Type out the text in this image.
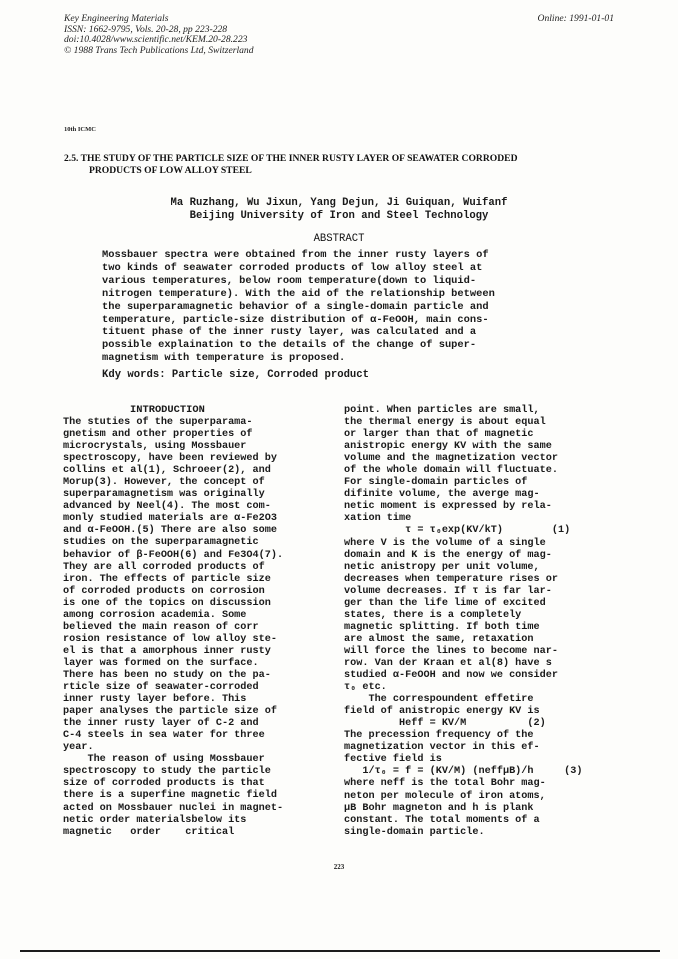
Key Engineering Materials
ISSN: 1662-9795, Vols. 20-28, pp 223-228
doi:10.4028/www.scientific.net/KEM.20-28.223
© 1988 Trans Tech Publications Ltd, Switzerland
Online: 1991-01-01
10th ICMC
2.5. THE STUDY OF THE PARTICLE SIZE OF THE INNER RUSTY LAYER OF SEAWATER CORRODED
PRODUCTS OF LOW ALLOY STEEL
Ma Ruzhang, Wu Jixun, Yang Dejun, Ji Guiquan, Wuifanf
Beijing University of Iron and Steel Technology
ABSTRACT
Mossbauer spectra were obtained from the inner rusty layers of
two kinds of seawater corroded products of low alloy steel at
various temperatures, below room temperature(down to liquid-
nitrogen temperature). With the aid of the relationship between
the superparamagnetic behavior of a single-domain particle and
temperature, particle-size distribution of α-FeOOH, main cons-
tituent phase of the inner rusty layer, was calculated and a
possible explaination to the details of the change of super-
magnetism with temperature is proposed.
Kdy words: Particle size, Corroded product
INTRODUCTION
The stuties of the superparama-
gnetism and other properties of
microcrystals, using Mossbauer
spectroscopy, have been reviewed by
collins et al(1), Schroeer(2), and
Morup(3). However, the concept of
superparamagnetism was originally
advanced by Neel(4). The most com-
monly studied materials are α-Fe2O3
and α-FeOOH.(5) There are also some
studies on the superparamagnetic
behavior of β-FeOOH(6) and Fe3O4(7).
They are all corroded products of
iron. The effects of particle size
of corroded products on corrosion
is one of the topics on discussion
among corrosion academia. Some
believed the main reason of corr
rosion resistance of low alloy ste-
el is that a amorphous inner rusty
layer was formed on the surface.
There has been no study on the pa-
rticle size of seawater-corroded
inner rusty layer before. This
paper analyses the particle size of
the inner rusty layer of C-2 and
C-4 steels in sea water for three
year.
The reason of using Mossbauer
spectroscopy to study the particle
size of corroded products is that
there is a superfine magnetic field
acted on Mossbauer nuclei in magnet-
netic order materialsbelow its
magnetic   order    critical
point. When particles are small,
the thermal energy is about equal
or larger than that of magnetic
anistropic energy KV with the same
volume and the magnetization vector
of the whole domain will fluctuate.
For single-domain particles of
difinite volume, the averge mag-
netic moment is expressed by rela-
xation time
τ = τ₀exp(KV/kT)        (1)
where V is the volume of a single
domain and K is the energy of mag-
netic anistropy per unit volume,
decreases when temperature rises or
volume decreases. If τ is far lar-
ger than the life lime of excited
states, there is a completely
magnetic splitting. If both time
are almost the same, retaxation
will force the lines to become nar-
row. Van der Kraan et al(8) have s
studied α-FeOOH and now we consider
τ₀ etc.
The correspoundent effetire
field of anistropic energy KV is
Heff = KV/M          (2)
The precession frequency of the
magnetization vector in this ef-
fective field is
1/τ₀ = f = (KV/M) (neffμB)/h     (3)
where neff is the total Bohr mag-
neton per molecule of iron atoms,
μB Bohr magneton and h is plank
constant. The total moments of a
single-domain particle.
223
